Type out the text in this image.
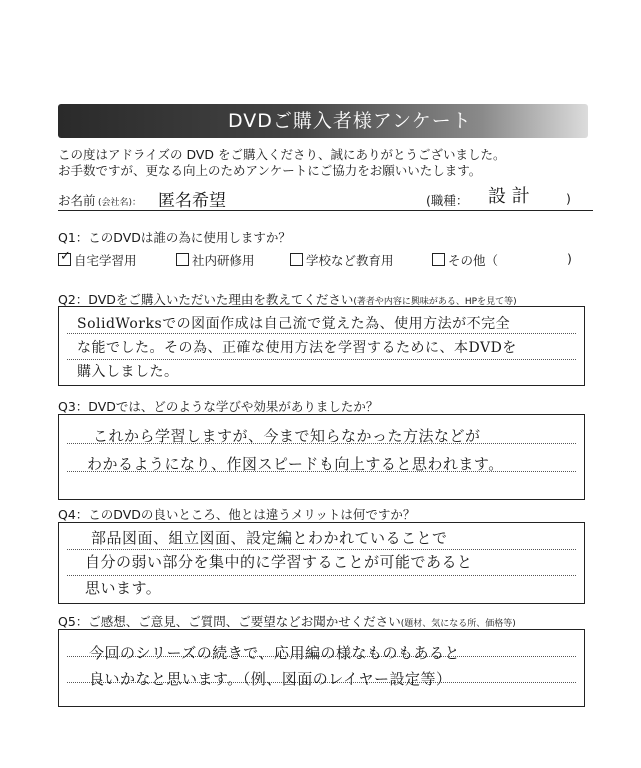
DVDご購入者様アンケート
この度はアドライズの DVD をご購入くださり、誠にありがとうございました。
お手数ですが、更なる向上のためアンケートにご協力をお願いいたします。
お名前 (会社名)： 匿名希望	(職種： 設 計	)
Q1：このDVDは誰の為に使用しますか？
✓ 自宅学習用	社内研修用	学校など教育用	その他（	)
Q2：DVDをご購入いただいた理由を教えてください(著者や内容に興味がある、HPを見て等)
SolidWorksでの図面作成は自己流で覚えた為、使用方法が不完全
な能でした。その為、正確な使用方法を学習するために、本DVDを
購入しました。
Q3：DVDでは、どのような学びや効果がありましたか？
これから学習しますが、今まで知らなかった方法などが
わかるようになり、作図スピードも向上すると思われます。
Q4：このDVDの良いところ、他とは違うメリットは何ですか？
部品図面、組立図面、設定編とわかれていることで
自分の弱い部分を集中的に学習することが可能であると
思います。
Q5：ご感想、ご意見、ご質問、ご要望などお聞かせください(題材、気になる所、価格等)
今回のシリーズの続きで、応用編の様なものもあると
良いかなと思います。（例、図面のレイヤー設定等）
